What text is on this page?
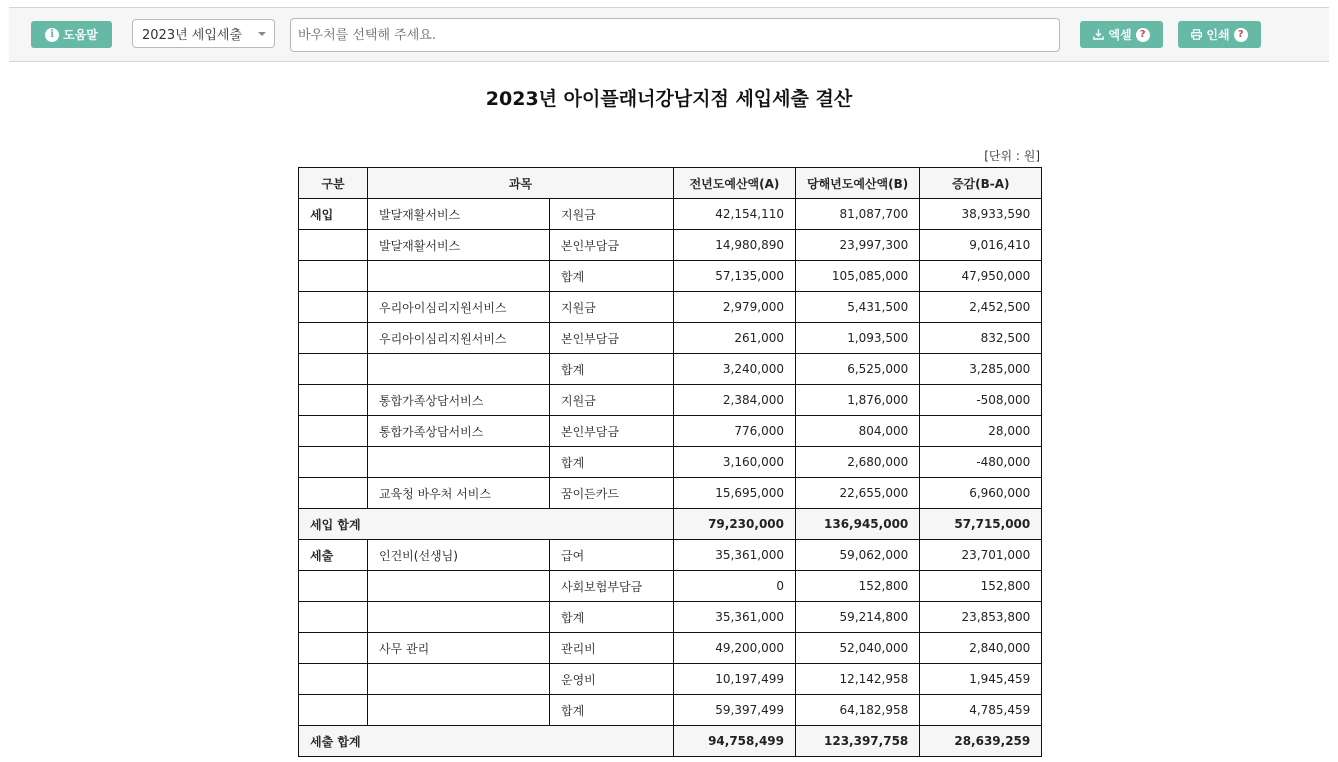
i 도움말	2023년 세입세출
바우처를 선택해 주세요.	엑셀 ?	인쇄 ?
2023년 아이플래너강남지점 세입세출 결산
[단위 : 원]
구분	과목		전년도예산액(A)	당해년도예산액(B)	증감(B-A)
세입	발달재활서비스	지원금	42,154,110	81,087,700	38,933,590
	발달재활서비스	본인부담금	14,980,890	23,997,300	9,016,410
		합계	57,135,000	105,085,000	47,950,000
	우리아이심리지원서비스	지원금	2,979,000	5,431,500	2,452,500
	우리아이심리지원서비스	본인부담금	261,000	1,093,500	832,500
		합계	3,240,000	6,525,000	3,285,000
	통합가족상담서비스	지원금	2,384,000	1,876,000	-508,000
	통합가족상담서비스	본인부담금	776,000	804,000	28,000
		합계	3,160,000	2,680,000	-480,000
	교육청 바우처 서비스	꿈이든카드	15,695,000	22,655,000	6,960,000
세입 합계			79,230,000	136,945,000	57,715,000
세출	인건비(선생님)	급여	35,361,000	59,062,000	23,701,000
		사회보험부담금	0	152,800	152,800
		합계	35,361,000	59,214,800	23,853,800
	사무 관리	관리비	49,200,000	52,040,000	2,840,000
		운영비	10,197,499	12,142,958	1,945,459
		합계	59,397,499	64,182,958	4,785,459
세출 합계			94,758,499	123,397,758	28,639,259
